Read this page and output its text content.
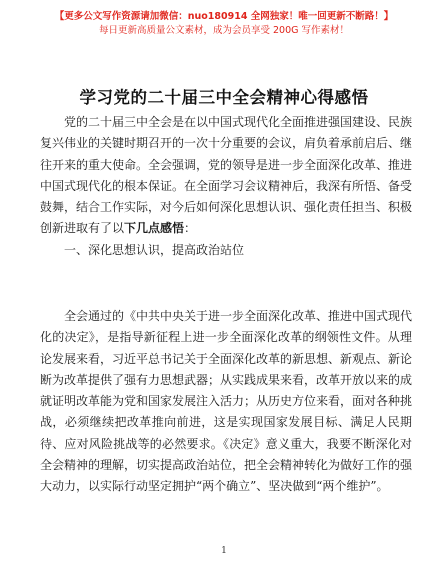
【更多公文写作资源请加微信：nuo180914 全网独家！唯一回更新不断路！】
每日更新高质量公文素材，成为会员享受 200G 写作素材！
学习党的二十届三中全会精神心得感悟

党的二十届三中全会是在以中国式现代化全面推进强国建设、民族复兴伟业的关键时期召开的一次十分重要的会议，肩负着承前启后、继往开来的重大使命。全会强调，党的领导是进一步全面深化改革、推进中国式现代化的根本保证。在全面学习会议精神后，我深有所悟、备受鼓舞，结合工作实际，对今后如何深化思想认识、强化责任担当、积极创新进取有了以下几点感悟：

一、深化思想认识，提高政治站位

全会通过的《中共中央关于进一步全面深化改革、推进中国式现代化的决定》，是指导新征程上进一步全面深化改革的纲领性文件。从理论发展来看，习近平总书记关于全面深化改革的新思想、新观点、新论断为改革提供了强有力思想武器；从实践成果来看，改革开放以来的成就证明改革能为党和国家发展注入活力；从历史方位来看，面对各种挑战，必须继续把改革推向前进，这是实现国家发展目标、满足人民期待、应对风险挑战等的必然要求。《决定》意义重大，我要不断深化对全会精神的理解，切实提高政治站位，把全会精神转化为做好工作的强大动力，以实际行动坚定拥护“两个确立”、坚决做到“两个维护”。

1
